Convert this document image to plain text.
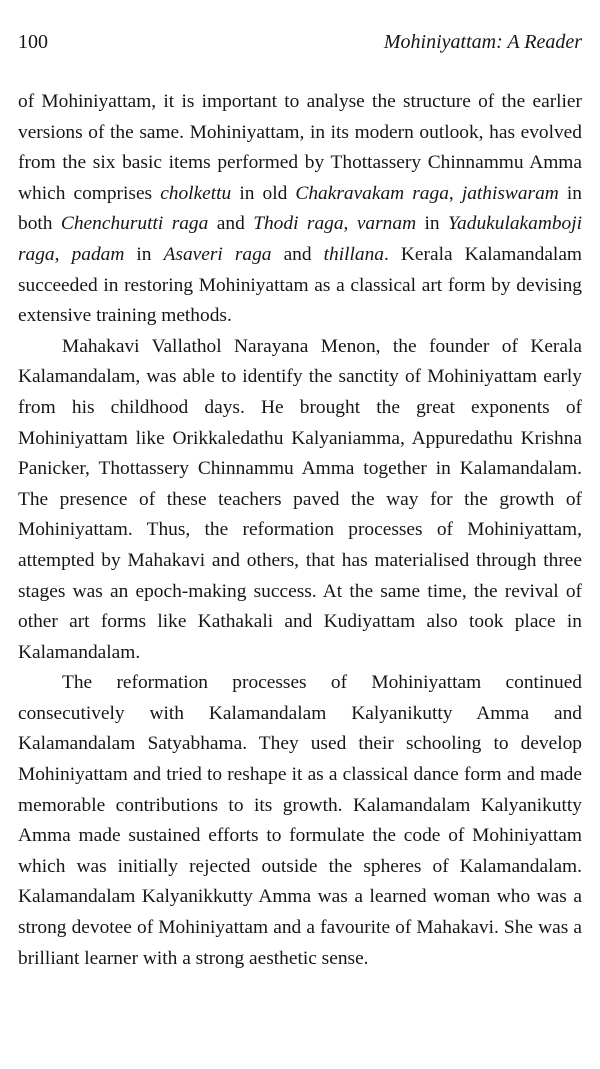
100	Mohiniyattam: A Reader

of Mohiniyattam, it is important to analyse the structure of the earlier versions of the same. Mohiniyattam, in its modern outlook, has evolved from the six basic items performed by Thottassery Chinnammu Amma which comprises cholkettu in old Chakravakam raga, jathiswaram in both Chenchurutti raga and Thodi raga, varnam in Yadukulakamboji raga, padam in Asaveri raga and thillana. Kerala Kalamandalam succeeded in restoring Mohiniyattam as a classical art form by devising extensive training methods.

Mahakavi Vallathol Narayana Menon, the founder of Kerala Kalamandalam, was able to identify the sanctity of Mohiniyattam early from his childhood days. He brought the great exponents of Mohiniyattam like Orikkaledathu Kalyaniamma, Appuredathu Krishna Panicker, Thottassery Chinnammu Amma together in Kalamandalam. The presence of these teachers paved the way for the growth of Mohiniyattam. Thus, the reformation processes of Mohiniyattam, attempted by Mahakavi and others, that has materialised through three stages was an epoch-making success. At the same time, the revival of other art forms like Kathakali and Kudiyattam also took place in Kalamandalam.

The reformation processes of Mohiniyattam continued consecutively with Kalamandalam Kalyanikutty Amma and Kalamandalam Satyabhama. They used their schooling to develop Mohiniyattam and tried to reshape it as a classical dance form and made memorable contributions to its growth. Kalamandalam Kalyanikutty Amma made sustained efforts to formulate the code of Mohiniyattam which was initially rejected outside the spheres of Kalamandalam. Kalamandalam Kalyanikkutty Amma was a learned woman who was a strong devotee of Mohiniyattam and a favourite of Mahakavi. She was a brilliant learner with a strong aesthetic sense.
